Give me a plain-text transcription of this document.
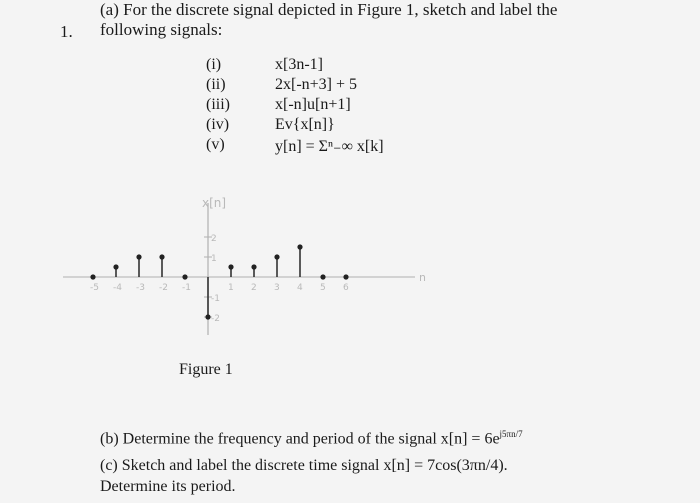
1.
(a) For the discrete signal depicted in Figure 1, sketch and label the
following signals:
(i)	x[3n-1]
(ii)	2x[-n+3] + 5
(iii)	x[-n]u[n+1]
(iv)	Ev{x[n]}
(v)	y[n] = Σⁿ₋∞ x[k]
x[n]
n
-5 -4 -3 -2 -1	1 2 3 4 5 6
2
1
-1
-2
Figure 1
(b) Determine the frequency and period of the signal $x[n] = 6e^{j5\pi n/7}$
(c) Sketch and label the discrete time signal x[n] = 7cos(3πn/4).
Determine its period.
